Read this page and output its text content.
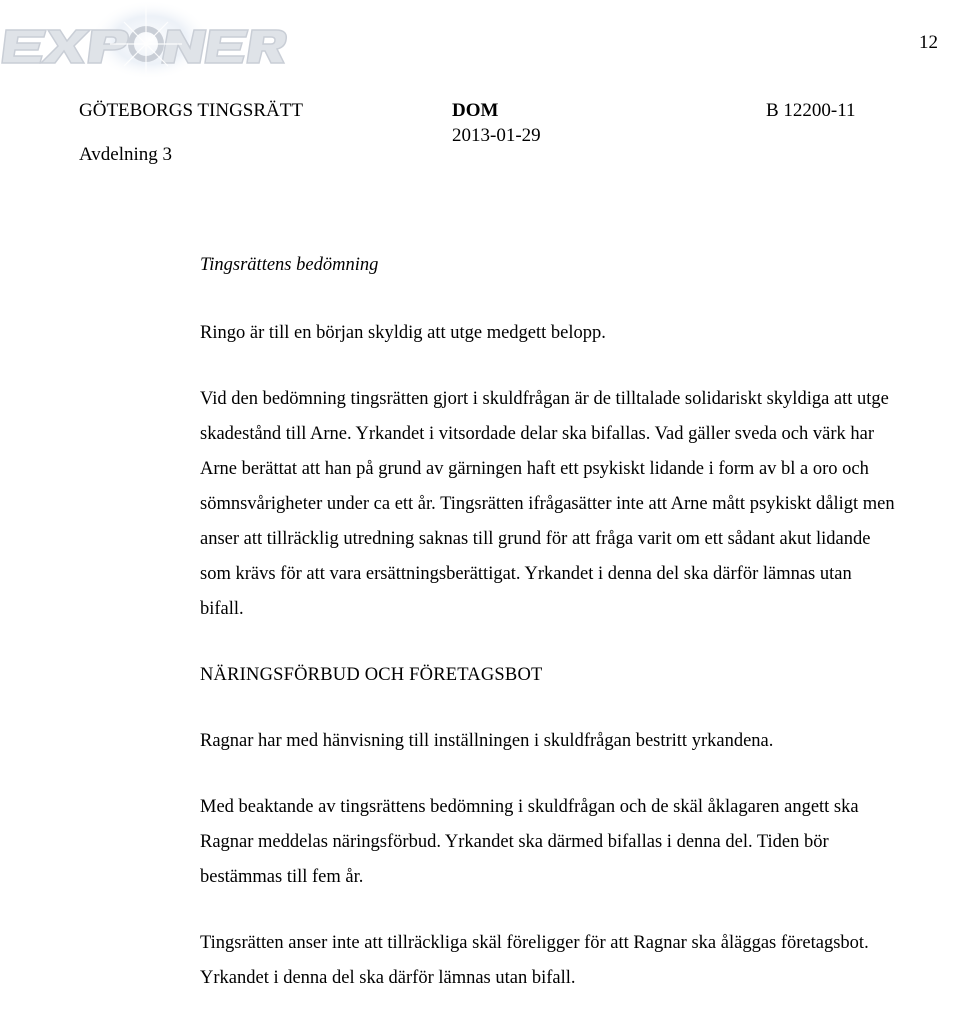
12
GÖTEBORGS TINGSRÄTT
Avdelning 3
DOM
2013-01-29
B 12200-11

Tingsrättens bedömning

Ringo är till en början skyldig att utge medgett belopp.

Vid den bedömning tingsrätten gjort i skuldfrågan är de tilltalade solidariskt skyldiga att utge skadestånd till Arne. Yrkandet i vitsordade delar ska bifallas. Vad gäller sveda och värk har Arne berättat att han på grund av gärningen haft ett psykiskt lidande i form av bl a oro och sömnsvårigheter under ca ett år. Tingsrätten ifrågasätter inte att Arne mått psykiskt dåligt men anser att tillräcklig utredning saknas till grund för att fråga varit om ett sådant akut lidande som krävs för att vara ersättningsberättigat. Yrkandet i denna del ska därför lämnas utan bifall.

NÄRINGSFÖRBUD OCH FÖRETAGSBOT

Ragnar har med hänvisning till inställningen i skuldfrågan bestritt yrkandena.

Med beaktande av tingsrättens bedömning i skuldfrågan och de skäl åklagaren angett ska Ragnar meddelas näringsförbud. Yrkandet ska därmed bifallas i denna del. Tiden bör bestämmas till fem år.

Tingsrätten anser inte att tillräckliga skäl föreligger för att Ragnar ska åläggas företagsbot. Yrkandet i denna del ska därför lämnas utan bifall.
